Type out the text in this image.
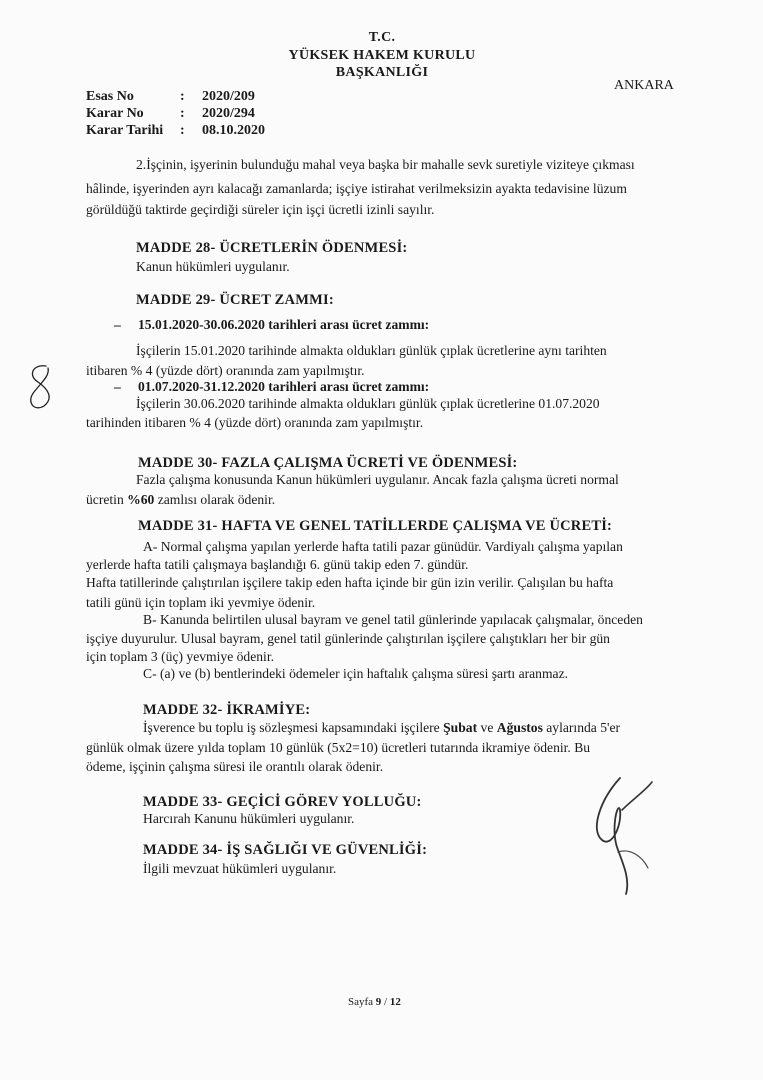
T.C.
YÜKSEK HAKEM KURULU
BAŞKANLIĞI
ANKARA
Esas No	: 2020/209
Karar No	: 2020/294
Karar Tarihi : 08.10.2020
2.İşçinin, işyerinin bulunduğu mahal veya başka bir mahalle sevk suretiyle viziteye çıkması
hâlinde, işyerinden ayrı kalacağı zamanlarda; işçiye istirahat verilmeksizin ayakta tedavisine lüzum
görüldüğü taktirde geçirdiği süreler için işçi ücretli izinli sayılır.
MADDE 28- ÜCRETLERİN ÖDENMESİ:
Kanun hükümleri uygulanır.
MADDE 29- ÜCRET ZAMMI:
– 15.01.2020-30.06.2020 tarihleri arası ücret zammı:
İşçilerin 15.01.2020 tarihinde almakta oldukları günlük çıplak ücretlerine aynı tarihten
itibaren % 4 (yüzde dört) oranında zam yapılmıştır.
– 01.07.2020-31.12.2020 tarihleri arası ücret zammı:
İşçilerin 30.06.2020 tarihinde almakta oldukları günlük çıplak ücretlerine 01.07.2020
tarihinden itibaren % 4 (yüzde dört) oranında zam yapılmıştır.
MADDE 30- FAZLA ÇALIŞMA ÜCRETİ VE ÖDENMESİ:
Fazla çalışma konusunda Kanun hükümleri uygulanır. Ancak fazla çalışma ücreti normal
ücretin %60 zamlısı olarak ödenir.
MADDE 31- HAFTA VE GENEL TATİLLERDE ÇALIŞMA VE ÜCRETİ:
A- Normal çalışma yapılan yerlerde hafta tatili pazar günüdür. Vardiyalı çalışma yapılan
yerlerde hafta tatili çalışmaya başlandığı 6. günü takip eden 7. gündür.
Hafta tatillerinde çalıştırılan işçilere takip eden hafta içinde bir gün izin verilir. Çalışılan bu hafta
tatili günü için toplam iki yevmiye ödenir.
B- Kanunda belirtilen ulusal bayram ve genel tatil günlerinde yapılacak çalışmalar, önceden
işçiye duyurulur. Ulusal bayram, genel tatil günlerinde çalıştırılan işçilere çalıştıkları her bir gün
için toplam 3 (üç) yevmiye ödenir.
C- (a) ve (b) bentlerindeki ödemeler için haftalık çalışma süresi şartı aranmaz.
MADDE 32- İKRAMİYE:
İşverence bu toplu iş sözleşmesi kapsamındaki işçilere Şubat ve Ağustos aylarında 5'er
günlük olmak üzere yılda toplam 10 günlük (5x2=10) ücretleri tutarında ikramiye ödenir. Bu
ödeme, işçinin çalışma süresi ile orantılı olarak ödenir.
MADDE 33- GEÇİCİ GÖREV YOLLUĞU:
Harcırah Kanunu hükümleri uygulanır.
MADDE 34- İŞ SAĞLIĞI VE GÜVENLİĞİ:
İlgili mevzuat hükümleri uygulanır.
Sayfa 9 / 12
